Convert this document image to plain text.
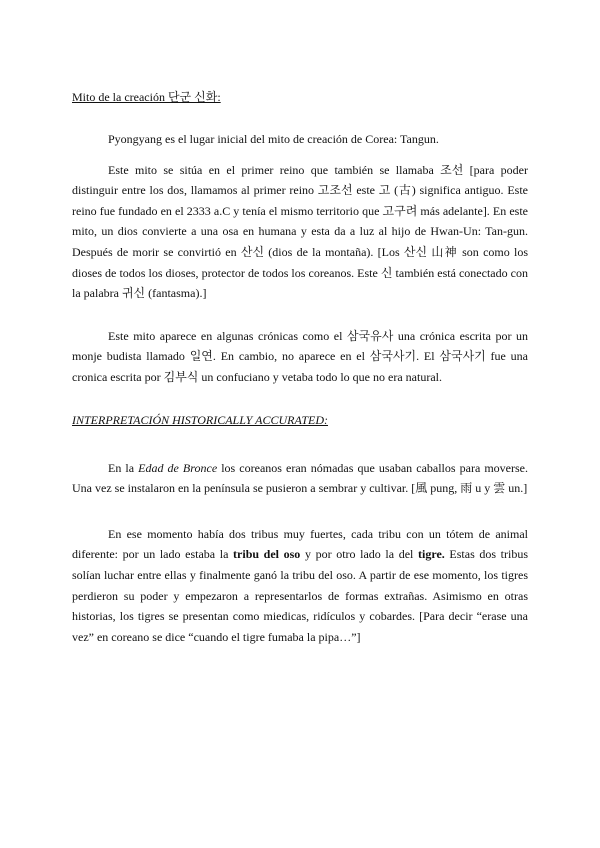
Mito de la creación 단군 신화:

Pyongyang es el lugar inicial del mito de creación de Corea: Tangun.

Este mito se sitúa en el primer reino que también se llamaba 조선 [para poder distinguir entre los dos, llamamos al primer reino 고조선 este 고 (古) significa antiguo. Este reino fue fundado en el 2333 a.C y tenía el mismo territorio que 고구려 más adelante]. En este mito, un dios convierte a una osa en humana y esta da a luz al hijo de Hwan-Un: Tan-gun. Después de morir se convirtió en 산신 (dios de la montaña). [Los 산신 山神 son como los dioses de todos los dioses, protector de todos los coreanos. Este 신 también está conectado con la palabra 귀신 (fantasma).]

Este mito aparece en algunas crónicas como el 삼국유사 una crónica escrita por un monje budista llamado 일연. En cambio, no aparece en el 삼국사기. El 삼국사기 fue una cronica escrita por 김부식 un confuciano y vetaba todo lo que no era natural.

INTERPRETACIÓN HISTORICALLY ACCURATED:

En la Edad de Bronce los coreanos eran nómadas que usaban caballos para moverse. Una vez se instalaron en la península se pusieron a sembrar y cultivar. [風 pung, 雨 u y 雲 un.]

En ese momento había dos tribus muy fuertes, cada tribu con un tótem de animal diferente: por un lado estaba la tribu del oso y por otro lado la del tigre. Estas dos tribus solían luchar entre ellas y finalmente ganó la tribu del oso. A partir de ese momento, los tigres perdieron su poder y empezaron a representarlos de formas extrañas. Asimismo en otras historias, los tigres se presentan como miedicas, ridículos y cobardes. [Para decir “erase una vez” en coreano se dice “cuando el tigre fumaba la pipa…”]
